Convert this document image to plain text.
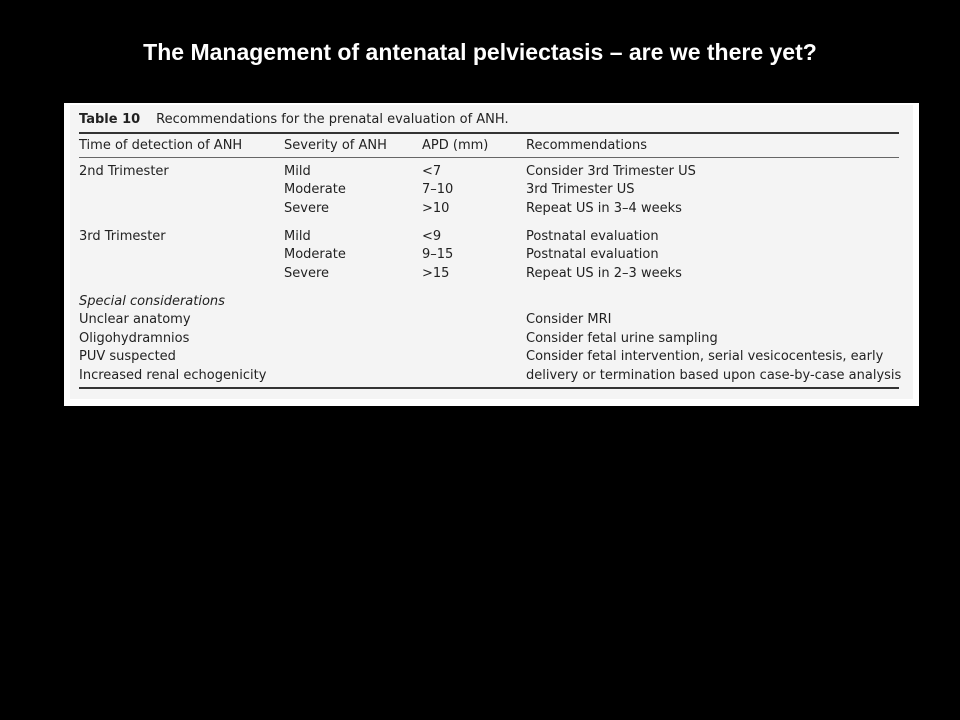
The Management of antenatal pelviectasis – are we there yet?
Table 10 Recommendations for the prenatal evaluation of ANH.
Time of detection of ANH	Severity of ANH	APD (mm)	Recommendations
2nd Trimester	Mild	<7	Consider 3rd Trimester US
Moderate	7–10	3rd Trimester US
Severe	>10	Repeat US in 3–4 weeks
3rd Trimester	Mild	<9	Postnatal evaluation
Moderate	9–15	Postnatal evaluation
Severe	>15	Repeat US in 2–3 weeks
Special considerations
Unclear anatomy	Consider MRI
Oligohydramnios	Consider fetal urine sampling
PUV suspected	Consider fetal intervention, serial vesicocentesis, early
Increased renal echogenicity	delivery or termination based upon case-by-case analysis
